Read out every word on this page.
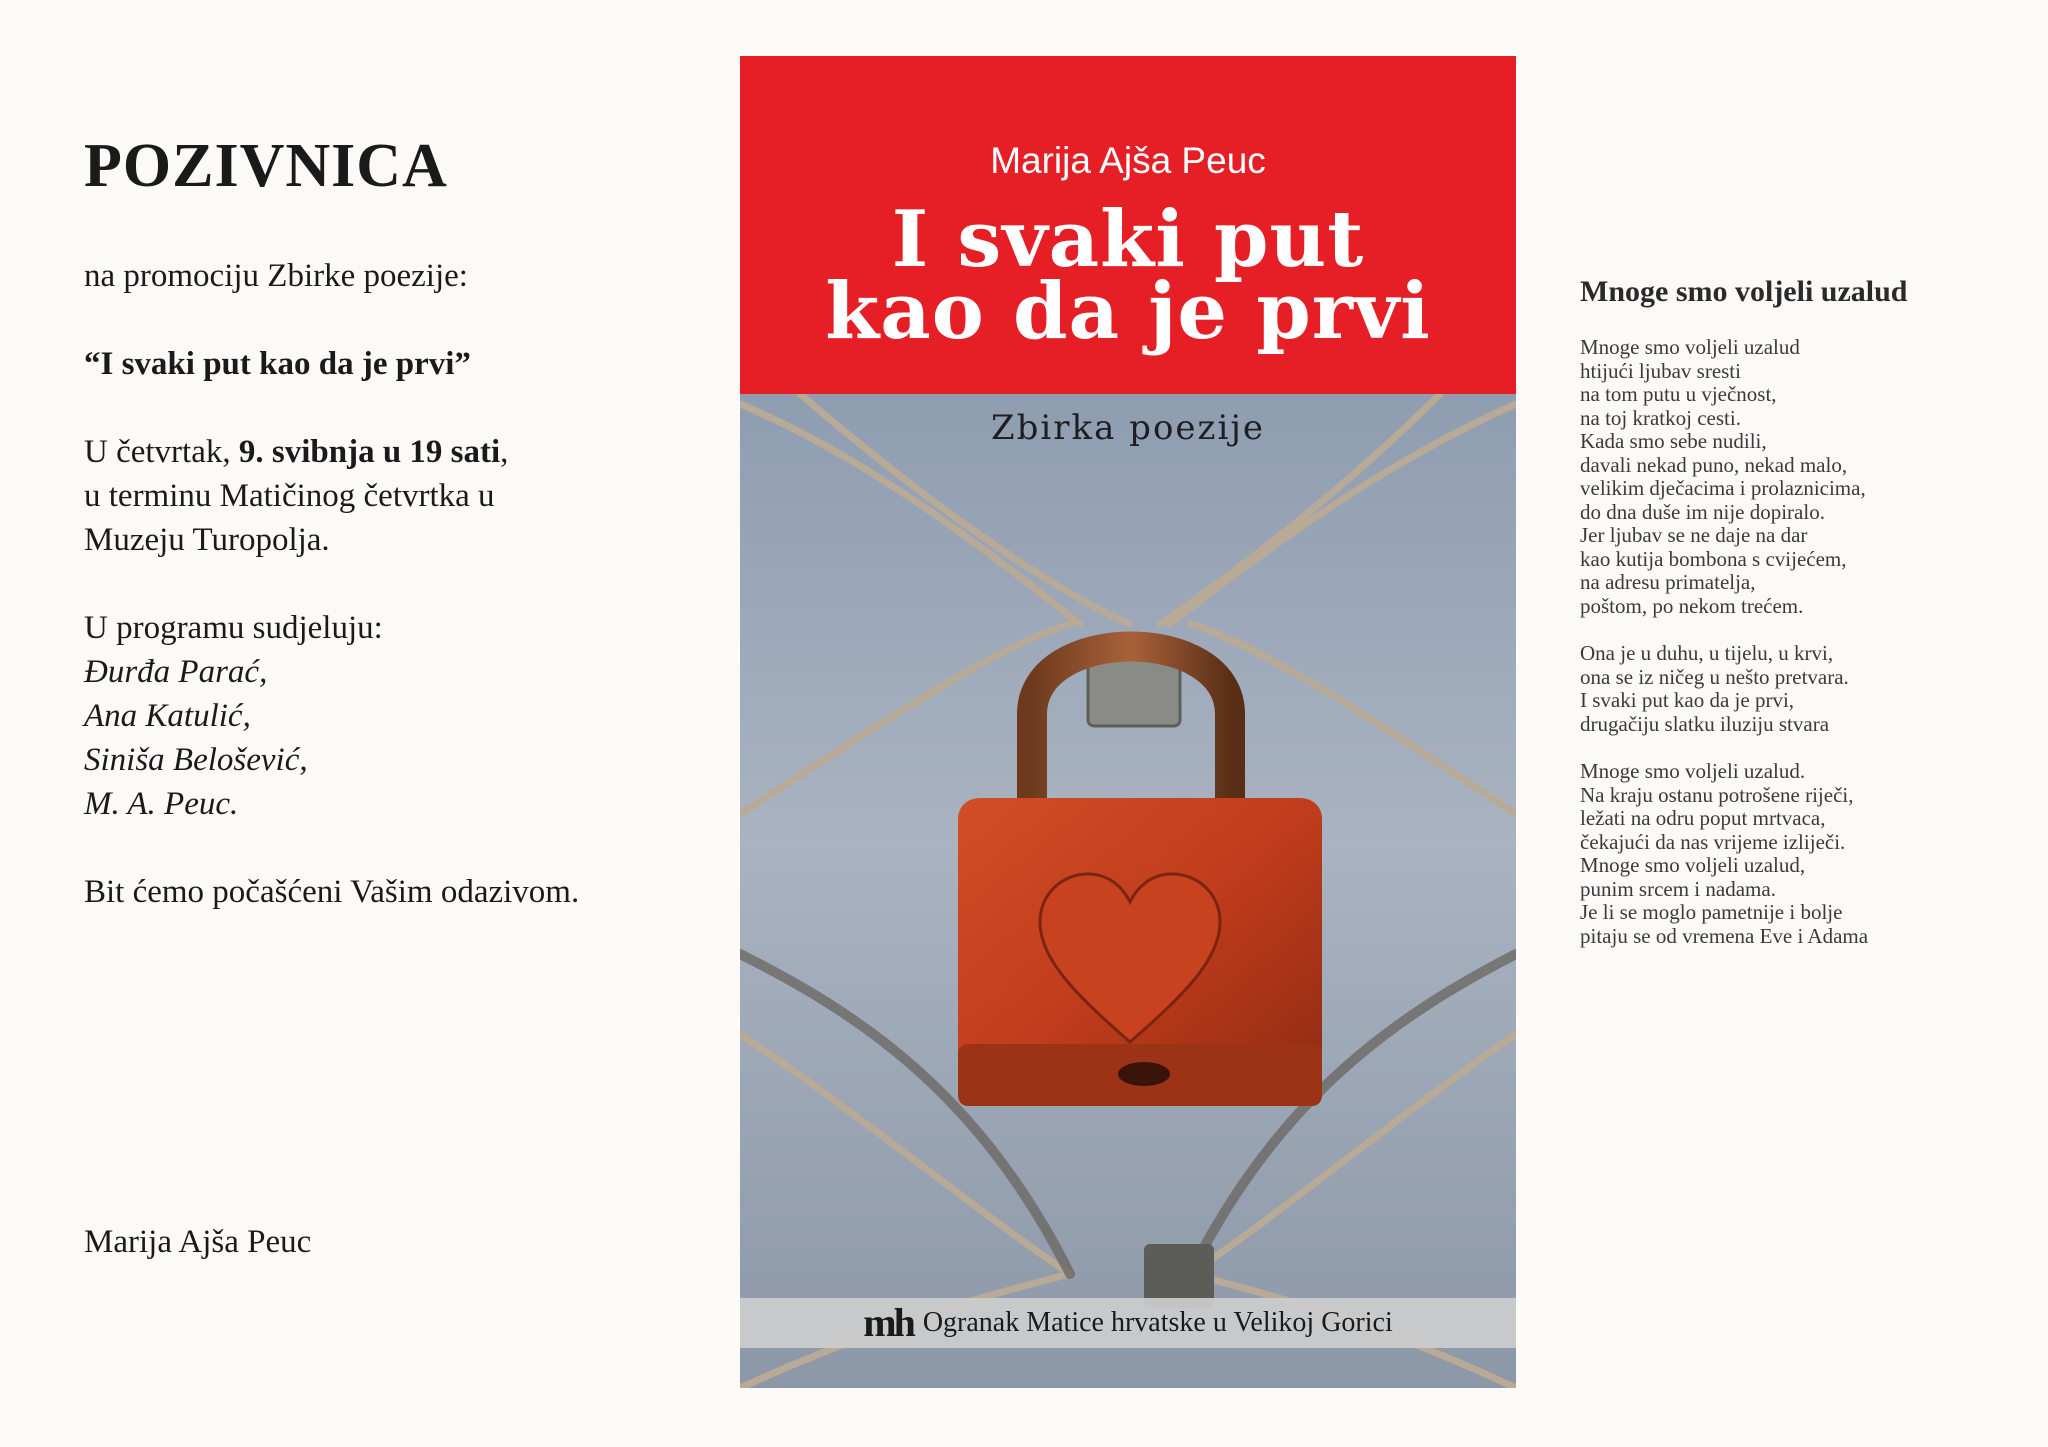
POZIVNICA

na promociju Zbirke poezije:

“I svaki put kao da je prvi”

U četvrtak, 9. svibnja u 19 sati,

u terminu Matičinog četvrtka u

Muzeju Turopolja.

U programu sudjeluju:

Đurđa Parać,

Ana Katulić,

Siniša Belošević,

M. A. Peuc.

Bit ćemo počašćeni Vašim odazivom.

Marija Ajša Peuc
Marija Ajša Peuc
I svaki put
kao da je prvi
Zbirka poezije
mh Ogranak Matice hrvatske u Velikoj Gorici
Mnoge smo voljeli uzalud
Mnoge smo voljeli uzalud
htijući ljubav sresti
na tom putu u vječnost,
na toj kratkoj cesti.
Kada smo sebe nudili,
davali nekad puno, nekad malo,
velikim dječacima i prolaznicima,
do dna duše im nije dopiralo.
Jer ljubav se ne daje na dar
kao kutija bombona s cvijećem,
na adresu primatelja,
poštom, po nekom trećem.
Ona je u duhu, u tijelu, u krvi,
ona se iz ničeg u nešto pretvara.
I svaki put kao da je prvi,
drugačiju slatku iluziju stvara
Mnoge smo voljeli uzalud.
Na kraju ostanu potrošene riječi,
ležati na odru poput mrtvaca,
čekajući da nas vrijeme izliječi.
Mnoge smo voljeli uzalud,
punim srcem i nadama.
Je li se moglo pametnije i bolje
pitaju se od vremena Eve i Adama
